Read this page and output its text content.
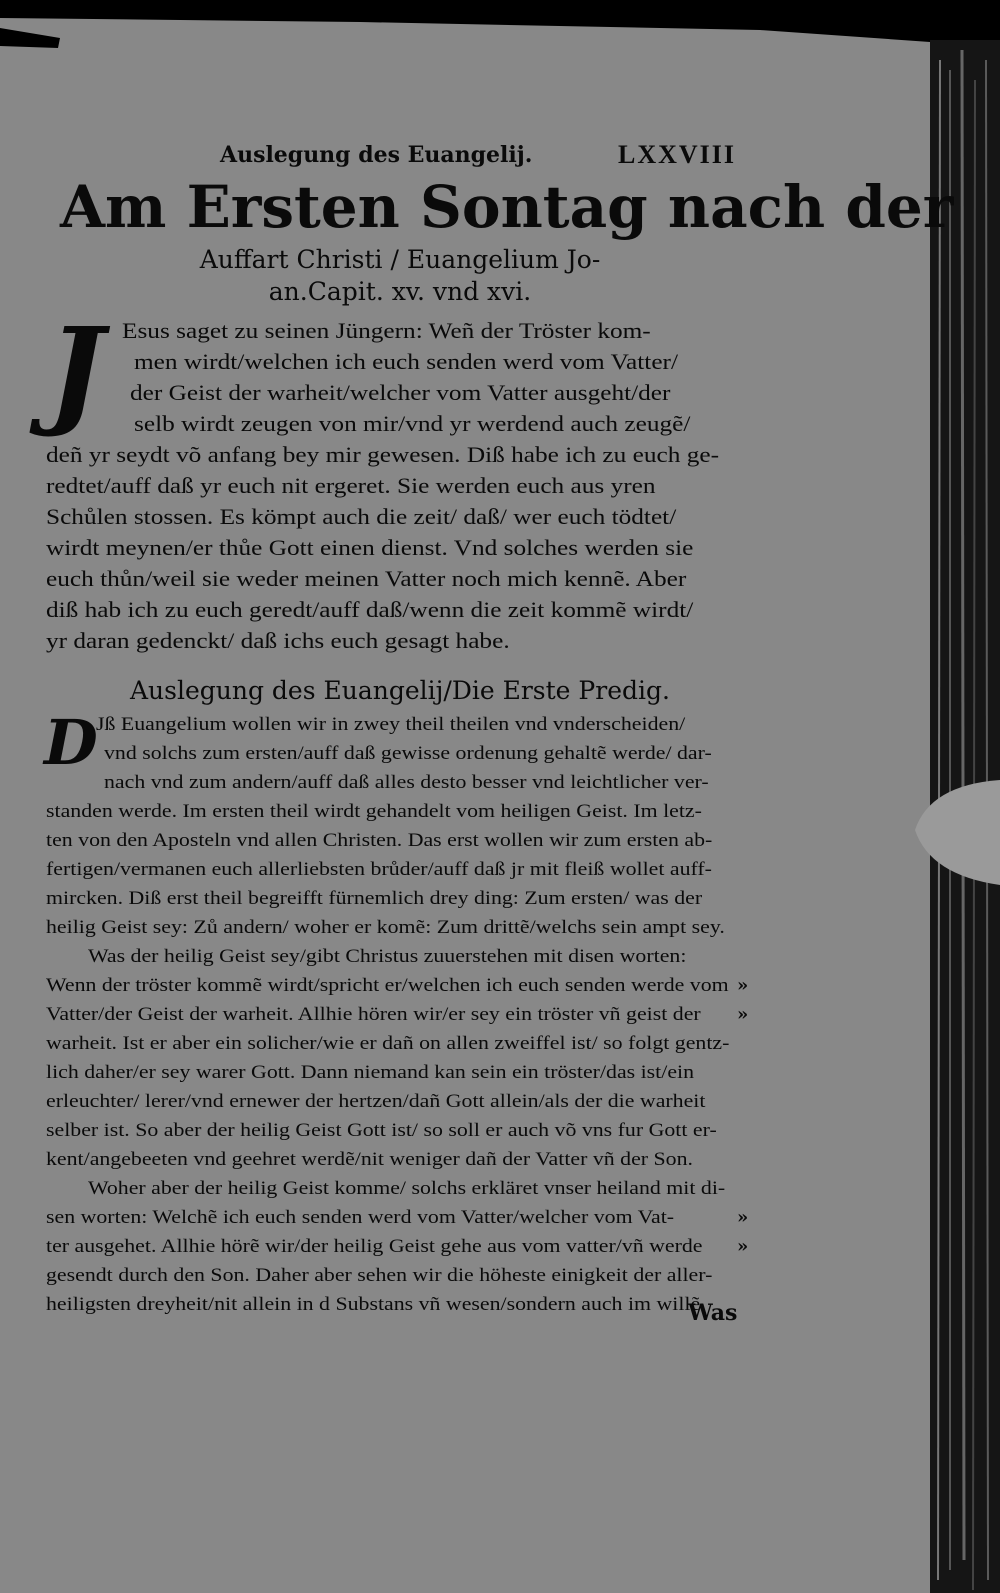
Auslegung des Euangelij.	LXXVIII
Am Ersten Sontag nach der
Auffart Christi / Euangelium Jo-
an.Capit. xv. vnd xvi.
J Esus saget zu seinen Jüngern: Weñ der Tröster kom-
men wirdt/welchen ich euch senden werd vom Vatter/
der Geist der warheit/welcher vom Vatter ausgeht/der
selb wirdt zeugen von mir/vnd yr werdend auch zeugẽ/
deñ yr seydt võ anfang bey mir gewesen. Diß habe ich zu euch ge-
redtet/auff daß yr euch nit ergeret. Sie werden euch aus yren
Schůlen stossen. Es kömpt auch die zeit/ daß/ wer euch tödtet/
wirdt meynen/er thůe Gott einen dienst. Vnd solches werden sie
euch thůn/weil sie weder meinen Vatter noch mich kennẽ. Aber
diß hab ich zu euch geredt/auff daß/wenn die zeit kommẽ wirdt/
yr daran gedenckt/ daß ichs euch gesagt habe.
Auslegung des Euangelij/Die Erste Predig.
D
Jß Euangelium wollen wir in zwey theil theilen vnd vnderscheiden/
vnd solchs zum ersten/auff daß gewisse ordenung gehaltẽ werde/ dar-
nach vnd zum andern/auff daß alles desto besser vnd leichtlicher ver-
standen werde. Im ersten theil wirdt gehandelt vom heiligen Geist. Im letz-
ten von den Aposteln vnd allen Christen. Das erst wollen wir zum ersten ab-
fertigen/vermanen euch allerliebsten brůder/auff daß jr mit fleiß wollet auff-
mircken. Diß erst theil begreifft fürnemlich drey ding: Zum ersten/ was der
heilig Geist sey: Zů andern/ woher er komẽ: Zum drittẽ/welchs sein ampt sey.
Was der heilig Geist sey/gibt Christus zuuerstehen mit disen worten:
Wenn der tröster kommẽ wirdt/spricht er/welchen ich euch senden werde vom
Vatter/der Geist der warheit. Allhie hören wir/er sey ein tröster vñ geist der
warheit. Ist er aber ein solicher/wie er dañ on allen zweiffel ist/ so folgt gentz-
lich daher/er sey warer Gott. Dann niemand kan sein ein tröster/das ist/ein
erleuchter/ lerer/vnd ernewer der hertzen/dañ Gott allein/als der die warheit
selber ist. So aber der heilig Geist Gott ist/ so soll er auch võ vns fur Gott er-
kent/angebeeten vnd geehret werdẽ/nit weniger dañ der Vatter vñ der Son.
Woher aber der heilig Geist komme/ solchs erkläret vnser heiland mit di-
sen worten: Welchẽ ich euch senden werd vom Vatter/welcher vom Vat-
ter ausgehet. Allhie hörẽ wir/der heilig Geist gehe aus vom vatter/vñ werde
gesendt durch den Son. Daher aber sehen wir die höheste einigkeit der aller-
heiligsten dreyheit/nit allein in d Substans vñ wesen/sondern auch im willẽ.
»
»
»
»
Was
